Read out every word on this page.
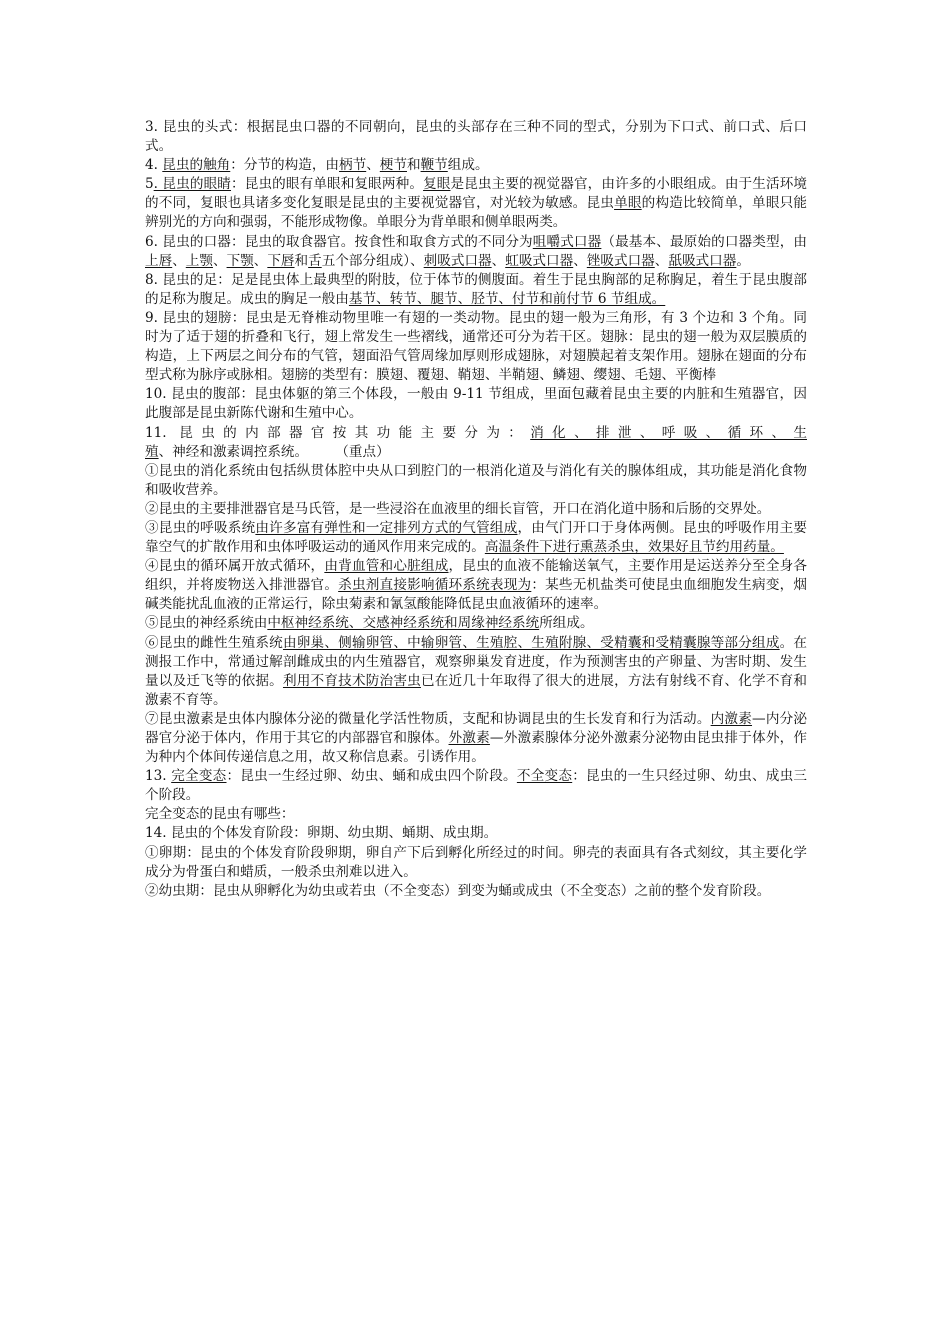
3. 昆虫的头式：根据昆虫口器的不同朝向，昆虫的头部存在三种不同的型式，分别为下口式、前口式、后口式。

4. 昆虫的触角：分节的构造，由柄节、梗节和鞭节组成。

5. 昆虫的眼睛：昆虫的眼有单眼和复眼两种。复眼是昆虫主要的视觉器官，由许多的小眼组成。由于生活环境的不同，复眼也具诸多变化复眼是昆虫的主要视觉器官，对光较为敏感。昆虫单眼的构造比较简单，单眼只能辨别光的方向和强弱，不能形成物像。单眼分为背单眼和侧单眼两类。

6. 昆虫的口器：昆虫的取食器官。按食性和取食方式的不同分为咀嚼式口器（最基本、最原始的口器类型，由上唇、上颚、下颚、下唇和舌五个部分组成）、刺吸式口器、虹吸式口器、锉吸式口器、舐吸式口器。

8. 昆虫的足：足是昆虫体上最典型的附肢，位于体节的侧腹面。着生于昆虫胸部的足称胸足，着生于昆虫腹部的足称为腹足。成虫的胸足一般由基节、转节、腿节、胫节、付节和前付节 6 节组成。

9. 昆虫的翅膀：昆虫是无脊椎动物里唯一有翅的一类动物。昆虫的翅一般为三角形，有 3 个边和 3 个角。同时为了适于翅的折叠和飞行，翅上常发生一些褶线，通常还可分为若干区。翅脉：昆虫的翅一般为双层膜质的构造，上下两层之间分布的气管，翅面沿气管周缘加厚则形成翅脉，对翅膜起着支架作用。翅脉在翅面的分布型式称为脉序或脉相。翅膀的类型有：膜翅、覆翅、鞘翅、半鞘翅、鳞翅、缨翅、毛翅、平衡棒

10. 昆虫的腹部：昆虫体躯的第三个体段，一般由 9-11 节组成，里面包藏着昆虫主要的内脏和生殖器官，因此腹部是昆虫新陈代谢和生殖中心。

11. 昆虫的内部器官按其功能主要分为：消化、排泄、呼吸、循环、生殖、神经和激素调控系统。　　　（重点）

①昆虫的消化系统由包括纵贯体腔中央从口到腔门的一根消化道及与消化有关的腺体组成，其功能是消化食物和吸收营养。

②昆虫的主要排泄器官是马氏管，是一些浸浴在血液里的细长盲管，开口在消化道中肠和后肠的交界处。

③昆虫的呼吸系统由许多富有弹性和一定排列方式的气管组成，由气门开口于身体两侧。昆虫的呼吸作用主要靠空气的扩散作用和虫体呼吸运动的通风作用来完成的。高温条件下进行熏蒸杀虫，效果好且节约用药量。

④昆虫的循环属开放式循环，由背血管和心脏组成，昆虫的血液不能输送氧气，主要作用是运送养分至全身各组织，并将废物送入排泄器官。杀虫剂直接影响循环系统表现为：某些无机盐类可使昆虫血细胞发生病变，烟碱类能扰乱血液的正常运行，除虫菊素和氰氢酸能降低昆虫血液循环的速率。

⑤昆虫的神经系统由中枢神经系统、交感神经系统和周缘神经系统所组成。

⑥昆虫的雌性生殖系统由卵巢、侧输卵管、中输卵管、生殖腔、生殖附腺、受精囊和受精囊腺等部分组成。在测报工作中，常通过解剖雌成虫的内生殖器官，观察卵巢发育进度，作为预测害虫的产卵量、为害时期、发生量以及迁飞等的依据。利用不育技术防治害虫已在近几十年取得了很大的进展，方法有射线不育、化学不育和激素不育等。

⑦昆虫激素是虫体内腺体分泌的微量化学活性物质，支配和协调昆虫的生长发育和行为活动。内激素—内分泌器官分泌于体内，作用于其它的内部器官和腺体。外激素—外激素腺体分泌外激素分泌物由昆虫排于体外，作为种内个体间传递信息之用，故又称信息素。引诱作用。

13. 完全变态：昆虫一生经过卵、幼虫、蛹和成虫四个阶段。不全变态：昆虫的一生只经过卵、幼虫、成虫三个阶段。

完全变态的昆虫有哪些：

14. 昆虫的个体发育阶段：卵期、幼虫期、蛹期、成虫期。

①卵期：昆虫的个体发育阶段卵期，卵自产下后到孵化所经过的时间。卵壳的表面具有各式刻纹，其主要化学成分为骨蛋白和蜡质，一般杀虫剂难以进入。

②幼虫期：昆虫从卵孵化为幼虫或若虫（不全变态）到变为蛹或成虫（不全变态）之前的整个发育阶段。
